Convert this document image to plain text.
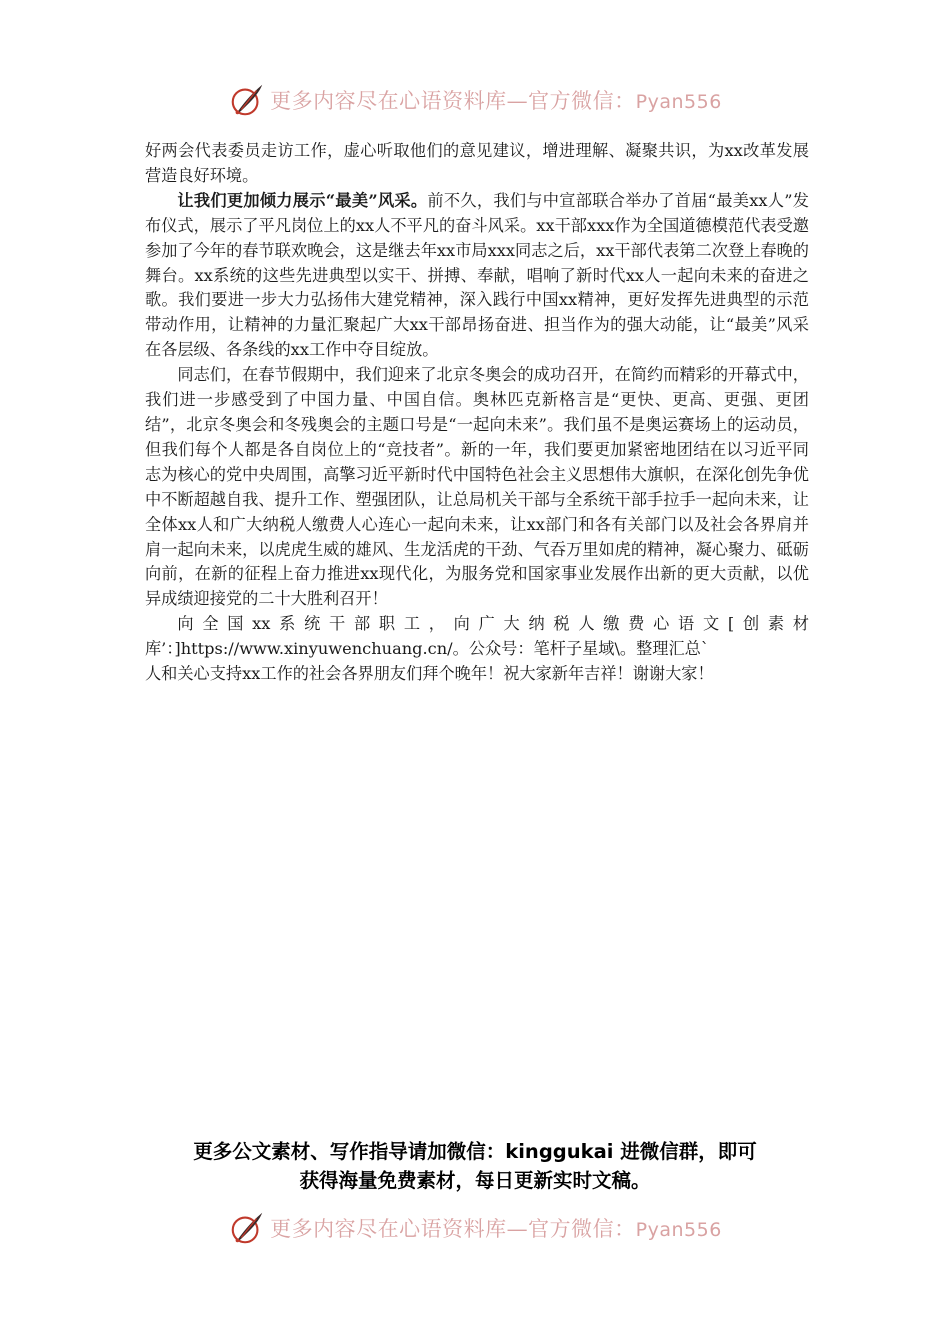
更多内容尽在心语资料库—官方微信：Pyan556

好两会代表委员走访工作，虚心听取他们的意见建议，增进理解、凝聚共识，为xx改革发展营造良好环境。

让我们更加倾力展示“最美”风采。前不久，我们与中宣部联合举办了首届“最美xx人”发布仪式，展示了平凡岗位上的xx人不平凡的奋斗风采。xx干部xxx作为全国道德模范代表受邀参加了今年的春节联欢晚会，这是继去年xx市局xxx同志之后，xx干部代表第二次登上春晚的舞台。xx系统的这些先进典型以实干、拼搏、奉献，唱响了新时代xx人一起向未来的奋进之歌。我们要进一步大力弘扬伟大建党精神，深入践行中国xx精神，更好发挥先进典型的示范带动作用，让精神的力量汇聚起广大xx干部昂扬奋进、担当作为的强大动能，让“最美”风采在各层级、各条线的xx工作中夺目绽放。

同志们，在春节假期中，我们迎来了北京冬奥会的成功召开，在简约而精彩的开幕式中，我们进一步感受到了中国力量、中国自信。奥林匹克新格言是“更快、更高、更强、更团结”，北京冬奥会和冬残奥会的主题口号是“一起向未来”。我们虽不是奥运赛场上的运动员，但我们每个人都是各自岗位上的“竞技者”。新的一年，我们要更加紧密地团结在以习近平同志为核心的党中央周围，高擎习近平新时代中国特色社会主义思想伟大旗帜，在深化创先争优中不断超越自我、提升工作、塑强团队，让总局机关干部与全系统干部手拉手一起向未来，让全体xx人和广大纳税人缴费人心连心一起向未来，让xx部门和各有关部门以及社会各界肩并肩一起向未来，以虎虎生威的雄风、生龙活虎的干劲、气吞万里如虎的精神，凝心聚力、砥砺向前，在新的征程上奋力推进xx现代化，为服务党和国家事业发展作出新的更大贡献，以优异成绩迎接党的二十大胜利召开！

向全国xx系统干部职工，向广大纳税人缴费心语文[创素材

库’：]https://www.xinyuwenchuang.cn/。公众号：笔杆子星域\。整理汇总`

人和关心支持xx工作的社会各界朋友们拜个晚年！祝大家新年吉祥！谢谢大家！

更多公文素材、写作指导请加微信：kinggukai 进微信群，即可
获得海量免费素材，每日更新实时文稿。
更多内容尽在心语资料库—官方微信：Pyan556
